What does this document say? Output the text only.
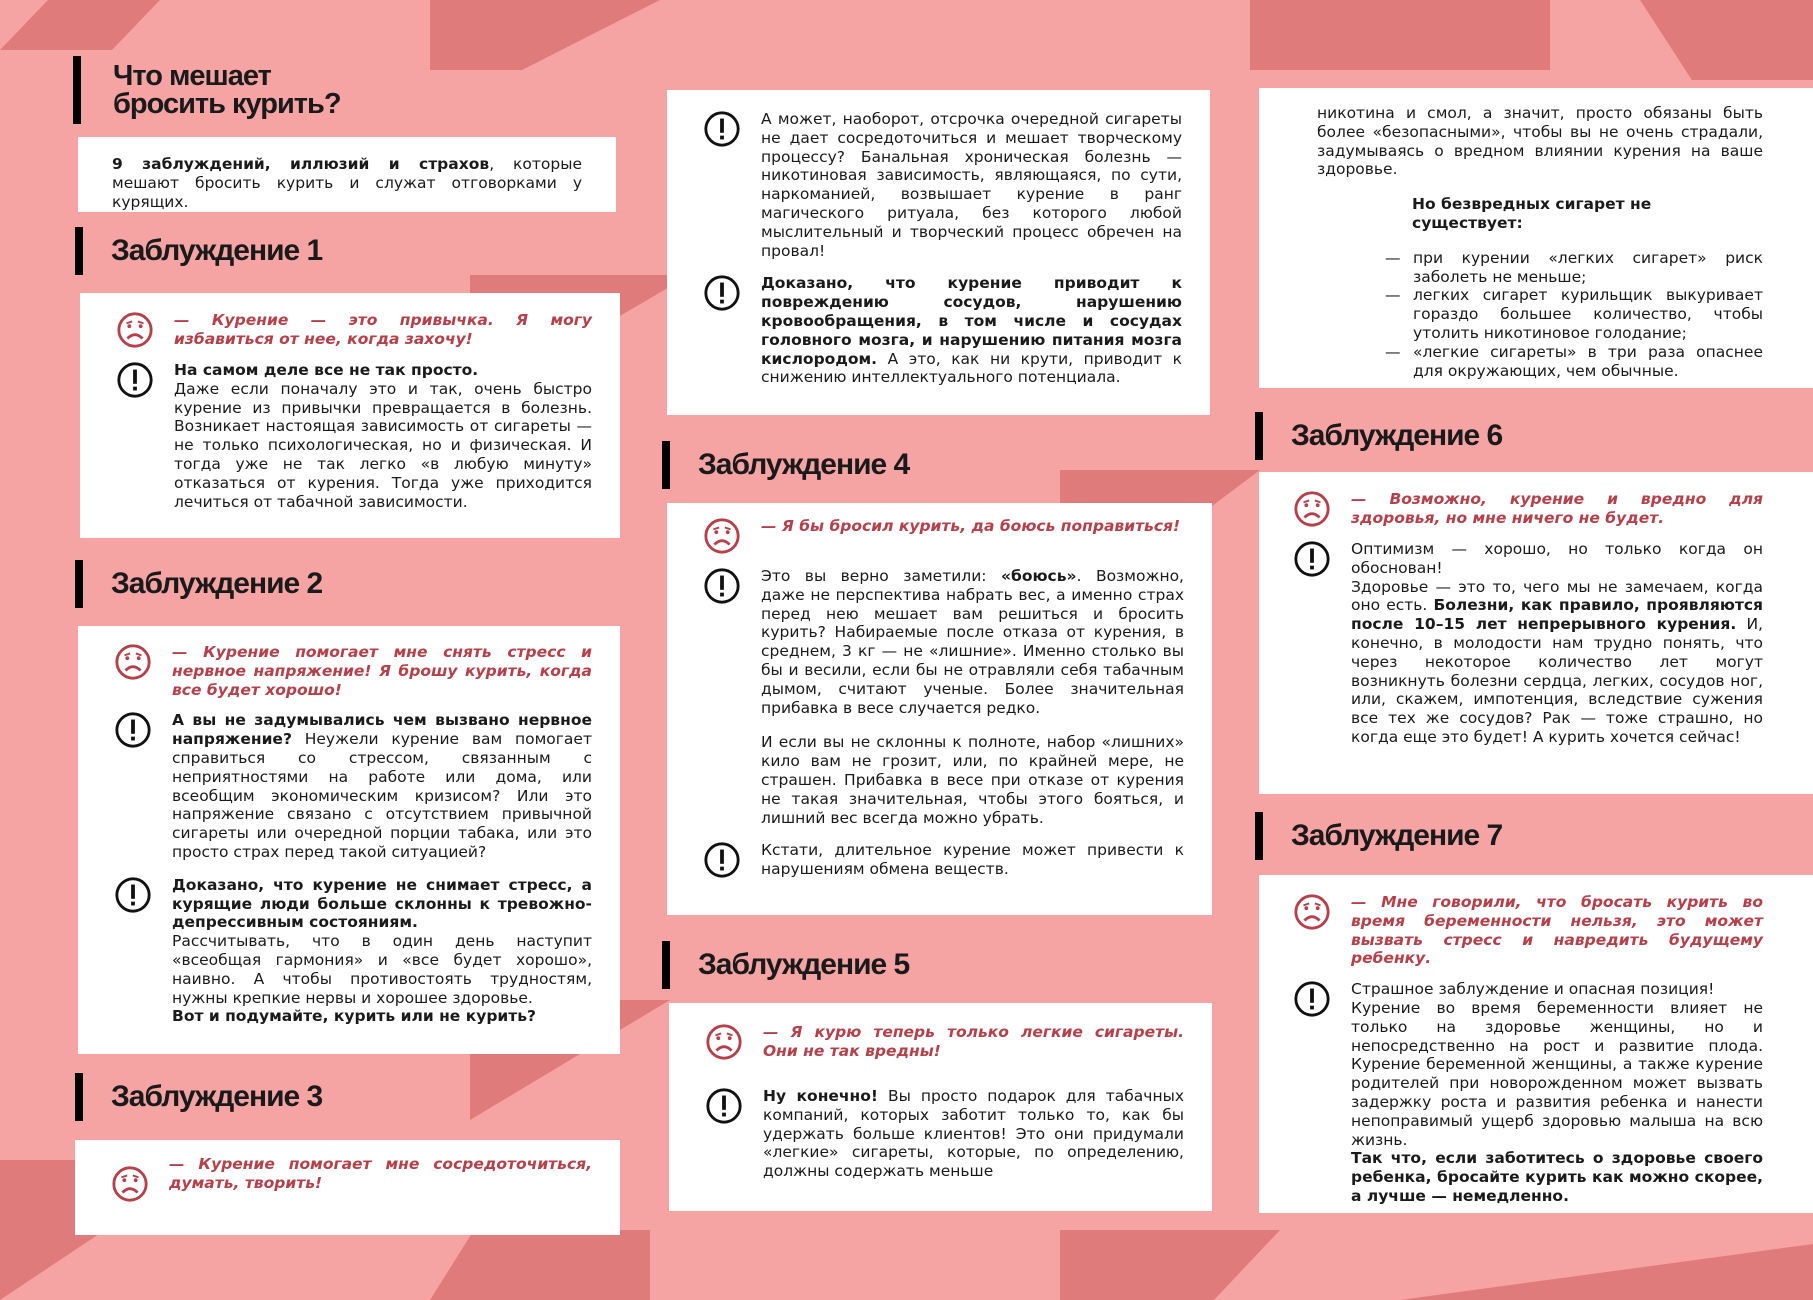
Что мешает
бросить курить?
9 заблуждений, иллюзий и страхов, которые мешают бросить курить и служат отговорками у курящих.
Заблуждение 1
— Курение — это привычка. Я могу избавиться от нее, когда захочу!
На самом деле все не так просто.
Даже если поначалу это и так, очень быстро курение из привычки превращается в болезнь. Возникает настоящая зависимость от сигареты — не только психологическая, но и физическая. И тогда уже не так легко «в любую минуту» отказаться от курения. Тогда уже приходится лечиться от табачной зависимости.
Заблуждение 2
— Курение помогает мне снять стресс и нервное напряжение! Я брошу курить, когда все будет хорошо!
А вы не задумывались чем вызвано нервное напряжение? Неужели курение вам помогает справиться со стрессом, связанным с неприятностями на работе или дома, или всеобщим экономическим кризисом? Или это напряжение связано с отсутствием привычной сигареты или очередной порции табака, или это просто страх перед такой ситуацией?
Доказано, что курение не снимает стресс, а курящие люди больше склонны к тревожно-депрессивным состояниям.
Рассчитывать, что в один день наступит «всеобщая гармония» и «все будет хорошо», наивно. А чтобы противостоять трудностям, нужны крепкие нервы и хорошее здоровье.
Вот и подумайте, курить или не курить?
Заблуждение 3
— Курение помогает мне сосредоточиться, думать, творить!
А может, наоборот, отсрочка очередной сигареты не дает сосредоточиться и мешает творческому процессу? Банальная хроническая болезнь — никотиновая зависимость, являющаяся, по сути, наркоманией, возвышает курение в ранг магического ритуала, без которого любой мыслительный и творческий процесс обречен на провал!
Доказано, что курение приводит к повреждению сосудов, нарушению кровообращения, в том числе и сосудах головного мозга, и нарушению питания мозга кислородом. А это, как ни крути, приводит к снижению интеллектуального потенциала.
Заблуждение 4
— Я бы бросил курить, да боюсь поправиться!
Это вы верно заметили: «боюсь». Возможно, даже не перспектива набрать вес, а именно страх перед нею мешает вам решиться и бросить курить? Набираемые после отказа от курения, в среднем, 3 кг — не «лишние». Именно столько вы бы и весили, если бы не отравляли себя табачным дымом, считают ученые. Более значительная прибавка в весе случается редко.
И если вы не склонны к полноте, набор «лишних» кило вам не грозит, или, по крайней мере, не страшен. Прибавка в весе при отказе от курения не такая значительная, чтобы этого бояться, и лишний вес всегда можно убрать.
Кстати, длительное курение может привести к нарушениям обмена веществ.
Заблуждение 5
— Я курю теперь только легкие сигареты. Они не так вредны!
Ну конечно! Вы просто подарок для табачных компаний, которых заботит только то, как бы удержать больше клиентов! Это они придумали «легкие» сигареты, которые, по определению, должны содержать меньше
никотина и смол, а значит, просто обязаны быть более «безопасными», чтобы вы не очень страдали, задумываясь о вредном влиянии курения на ваше здоровье.
Но безвредных сигарет не существует:
— при курении «легких сигарет» риск заболеть не меньше;
— легких сигарет курильщик выкуривает гораздо большее количество, чтобы утолить никотиновое голодание;
— «легкие сигареты» в три раза опаснее для окружающих, чем обычные.
Заблуждение 6
— Возможно, курение и вредно для здоровья, но мне ничего не будет.
Оптимизм — хорошо, но только когда он обоснован!
Здоровье — это то, чего мы не замечаем, когда оно есть. Болезни, как правило, проявляются после 10–15 лет непрерывного курения. И, конечно, в молодости нам трудно понять, что через некоторое количество лет могут возникнуть болезни сердца, легких, сосудов ног, или, скажем, импотенция, вследствие сужения все тех же сосудов? Рак — тоже страшно, но когда еще это будет! А курить хочется сейчас!
Заблуждение 7
— Мне говорили, что бросать курить во время беременности нельзя, это может вызвать стресс и навредить будущему ребенку.
Страшное заблуждение и опасная позиция!
Курение во время беременности влияет не только на здоровье женщины, но и непосредственно на рост и развитие плода. Курение беременной женщины, а также курение родителей при новорожденном может вызвать задержку роста и развития ребенка и нанести непоправимый ущерб здоровью малыша на всю жизнь.
Так что, если заботитесь о здоровье своего ребенка, бросайте курить как можно скорее, а лучше — немедленно.
